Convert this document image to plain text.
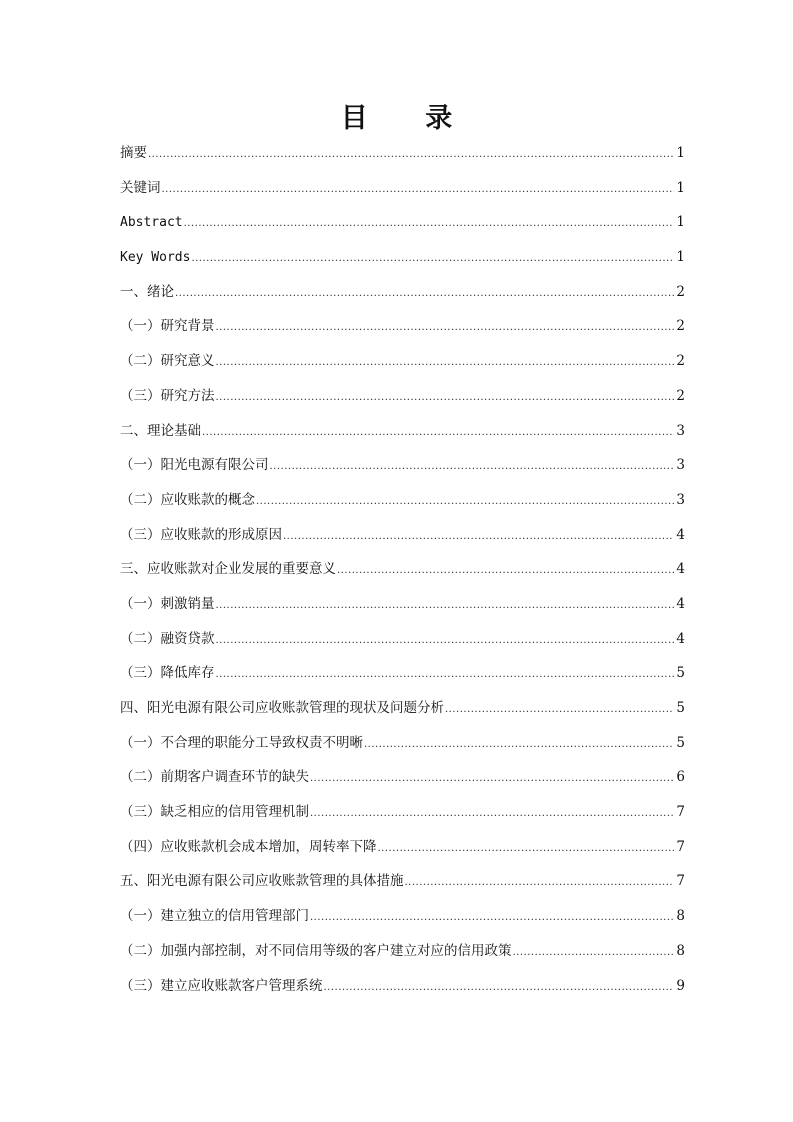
目 录
摘要 .....	1
关键词 .....	1
Abstract .....	1
Key Words .....	1
一、绪论 .....	2
（一）研究背景 .....	2
（二）研究意义 .....	2
（三）研究方法 .....	2
二、理论基础 .....	3
（一）阳光电源有限公司 .....	3
（二）应收账款的概念 .....	3
（三）应收账款的形成原因 .....	4
三、应收账款对企业发展的重要意义 .....	4
（一）刺激销量 .....	4
（二）融资贷款 .....	4
（三）降低库存 .....	5
四、阳光电源有限公司应收账款管理的现状及问题分析 .....	5
（一）不合理的职能分工导致权责不明晰 .....	5
（二）前期客户调查环节的缺失 .....	6
（三）缺乏相应的信用管理机制 .....	7
（四）应收账款机会成本增加，周转率下降 .....	7
五、阳光电源有限公司应收账款管理的具体措施 .....	7
（一）建立独立的信用管理部门 .....	8
（二）加强内部控制，对不同信用等级的客户建立对应的信用政策 .....	8
（三）建立应收账款客户管理系统 .....	9
